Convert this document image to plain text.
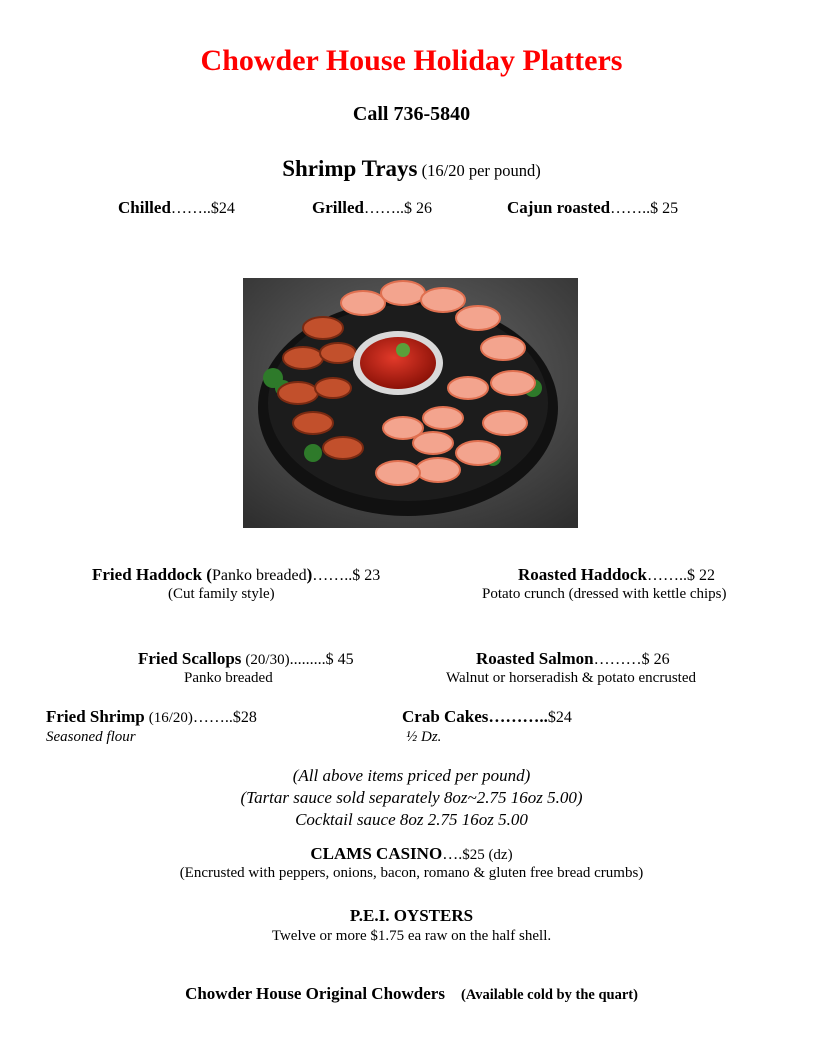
Chowder House Holiday Platters
Call 736-5840
Shrimp Trays (16/20 per pound)
Chilled……..$24	Grilled……..$ 26	Cajun roasted……..$ 25
Fried Haddock (Panko breaded)……..$ 23
(Cut family style)
Roasted Haddock……..$ 22
Potato crunch (dressed with kettle chips)
Fried Scallops (20/30).........$ 45
Panko breaded
Roasted Salmon………$ 26
Walnut or horseradish & potato encrusted
Fried Shrimp (16/20)……..$28
Seasoned flour
Crab Cakes………..$24
½ Dz.
(All above items priced per pound)
(Tartar sauce sold separately 8oz~2.75 16oz 5.00)
Cocktail sauce 8oz 2.75 16oz 5.00
CLAMS CASINO….$25 (dz)
(Encrusted with peppers, onions, bacon, romano & gluten free bread crumbs)
P.E.I. OYSTERS
Twelve or more $1.75 ea raw on the half shell.
Chowder House Original Chowders (Available cold by the quart)
